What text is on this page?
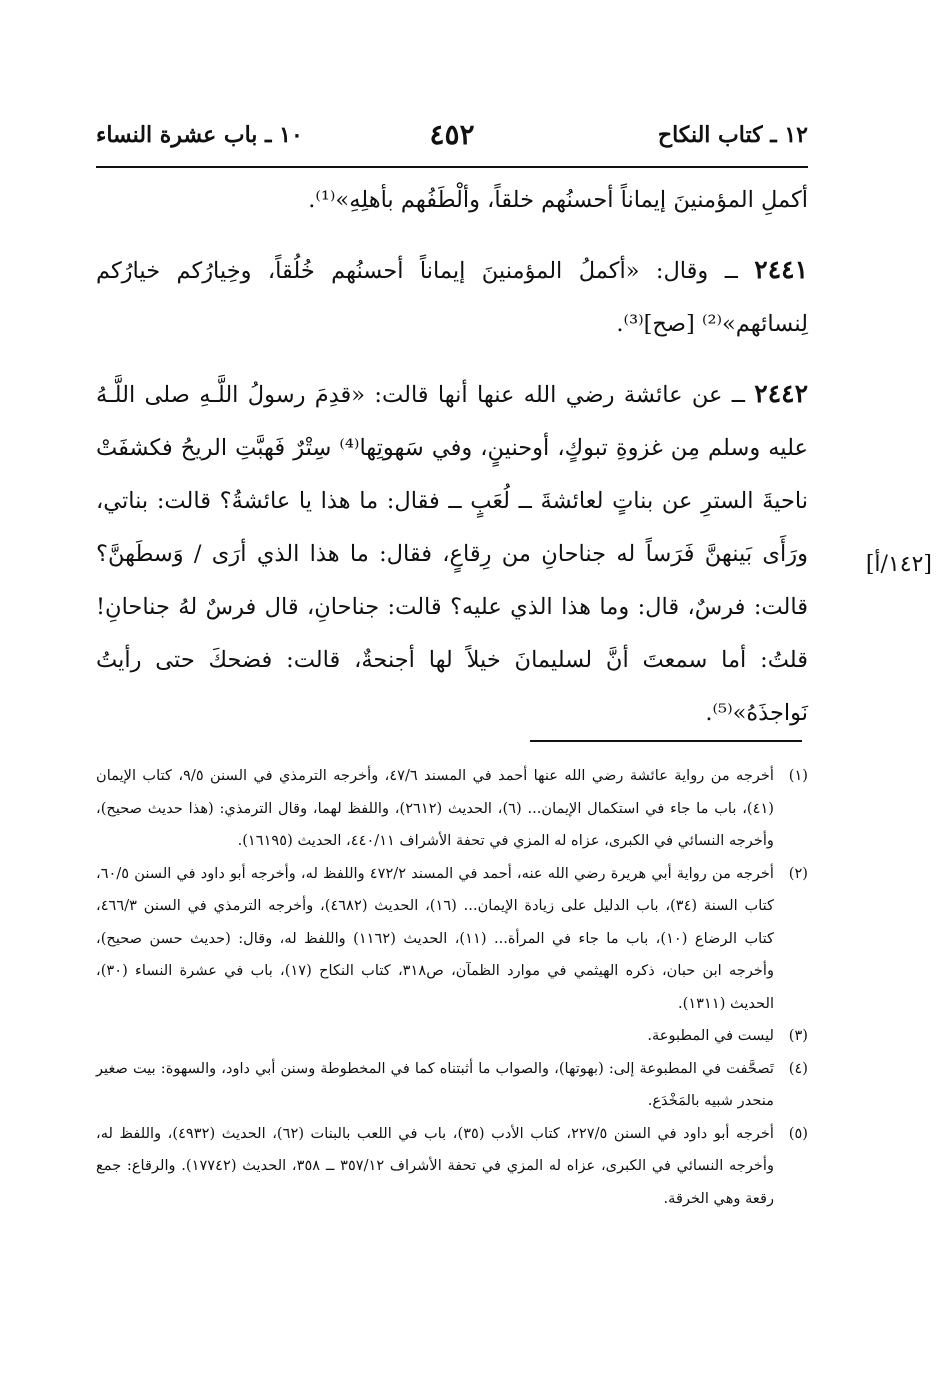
١٢ ـ كتاب النكاح
٤٥٢
١٠ ـ باب عشرة النساء

أكملِ المؤمنينَ إيماناً أحسنُهم خلقاً، وألْطَفُهم بأهلِهِ»⁽¹⁾.

٢٤٤١ ــ وقال: «أكملُ المؤمنينَ إيماناً أحسنُهم خُلُقاً، وخِيارُكم خيارُكم لِنسائهم»⁽²⁾ [صح]⁽³⁾.

٢٤٤٢ ــ عن عائشة رضي الله عنها أنها قالت: «قدِمَ رسولُ اللَّـهِ صلى اللَّـهُ عليه وسلم مِن غزوةِ تبوكٍ، أوحنينٍ، وفي سَهوتِها⁽⁴⁾ سِتْرٌ فَهبَّتِ الريحُ فكشفَتْ ناحيةَ السترِ عن بناتٍ لعائشةَ ــ لُعَبٍ ــ فقال: ما هذا يا عائشةُ؟ قالت: بناتي، ورَأَى بَينهنَّ فَرَساً له جناحانِ من رِقاعٍ، فقال: ما هذا الذي أرَى / وَسطَهنَّ؟ قالت: فرسٌ، قال: وما هذا الذي عليه؟ قالت: جناحانِ، قال فرسٌ لهُ جناحانِ! قلتُ: أما سمعتَ أنَّ لسليمانَ خيلاً لها أجنحةٌ، قالت: فضحكَ حتى رأيتُ نَواجذَهُ»⁽⁵⁾.

[١٤٢/أ]
(١)
أخرجه من رواية عائشة رضي الله عنها أحمد في المسند ٤٧/٦، وأخرجه الترمذي في السنن ٩/٥، كتاب الإيمان (٤١)، باب ما جاء في استكمال الإيمان... (٦)، الحديث (٢٦١٢)، واللفظ لهما، وقال الترمذي: (هذا حديث صحيح)، وأخرجه النسائي في الكبرى، عزاه له المزي في تحفة الأشراف ٤٤٠/١١، الحديث (١٦١٩٥).
(٢)
أخرجه من رواية أبي هريرة رضي الله عنه، أحمد في المسند ٤٧٢/٢ واللفظ له، وأخرجه أبو داود في السنن ٦٠/٥، كتاب السنة (٣٤)، باب الدليل على زيادة الإيمان... (١٦)، الحديث (٤٦٨٢)، وأخرجه الترمذي في السنن ٤٦٦/٣، كتاب الرضاع (١٠)، باب ما جاء في المرأة... (١١)، الحديث (١١٦٢) واللفظ له، وقال: (حديث حسن صحيح)، وأخرجه ابن حبان، ذكره الهيثمي في موارد الظمآن، ص٣١٨، كتاب النكاح (١٧)، باب في عشرة النساء (٣٠)، الحديث (١٣١١).
(٣)
ليست في المطبوعة.
(٤)
تَصحَّفت في المطبوعة إلى: (بهوتها)، والصواب ما أثبتناه كما في المخطوطة وسنن أبي داود، والسهوة: بيت صغير منحدر شبيه بالمَخْدَع.
(٥)
أخرجه أبو داود في السنن ٢٢٧/٥، كتاب الأدب (٣٥)، باب في اللعب بالبنات (٦٢)، الحديث (٤٩٣٢)، واللفظ له، وأخرجه النسائي في الكبرى، عزاه له المزي في تحفة الأشراف ٣٥٧/١٢ ــ ٣٥٨، الحديث (١٧٧٤٢). والرقاع: جمع رقعة وهي الخرقة.
